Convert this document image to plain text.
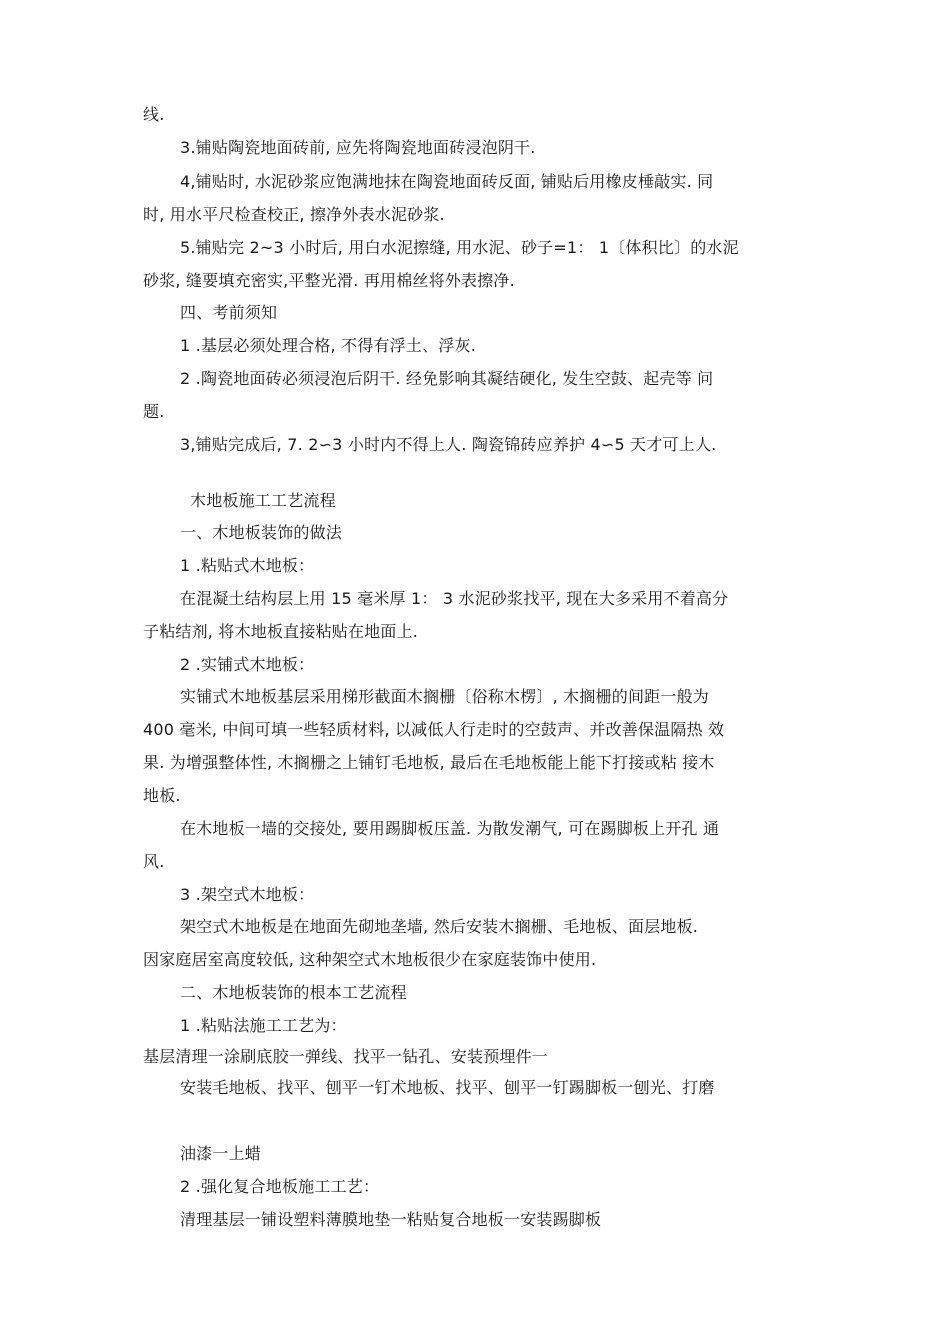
线.
3.铺贴陶瓷地面砖前, 应先将陶瓷地面砖浸泡阴干.
4,铺贴时, 水泥砂浆应饱满地抹在陶瓷地面砖反面, 铺贴后用橡皮棰敲实. 同
时, 用水平尺检查校正, 擦净外表水泥砂浆.
5.铺贴完 2~3 小时后, 用白水泥擦缝, 用水泥、砂子=1： 1〔体积比〕的水泥
砂浆, 缝要填充密实,平整光滑. 再用棉丝将外表擦净.
四、考前须知
1 .基层必须处理合格, 不得有浮土、浮灰.
2 .陶瓷地面砖必须浸泡后阴干. 经免影响其凝结硬化, 发生空鼓、起壳等 问
题.
3,铺贴完成后, 7. 2∽3 小时内不得上人. 陶瓷锦砖应养护 4∽5 天才可上人.
木地板施工工艺流程
一、木地板装饰的做法
1 .粘贴式木地板：
在混凝土结构层上用 15 毫米厚 1： 3 水泥砂浆找平, 现在大多采用不着高分
子粘结剂, 将木地板直接粘贴在地面上.
2 .实铺式木地板：
实铺式木地板基层采用梯形截面木搁栅〔俗称木楞〕, 木搁栅的间距一般为
400 毫米, 中间可填一些轻质材料, 以减低人行走时的空鼓声、并改善保温隔热 效
果. 为增强整体性, 木搁栅之上铺钉毛地板, 最后在毛地板能上能下打接或粘 接木
地板.
在木地板一墙的交接处, 要用踢脚板压盖. 为散发潮气, 可在踢脚板上开孔 通
风.
3 .架空式木地板：
架空式木地板是在地面先砌地垄墙, 然后安装木搁栅、毛地板、面层地板.
因家庭居室高度较低, 这种架空式木地板很少在家庭装饰中使用.
二、木地板装饰的根本工艺流程
1 .粘贴法施工工艺为：
基层清理一涂刷底胶一弹线、找平一钻孔、安装预埋件一
安装毛地板、找平、刨平一钉术地板、找平、刨平一钉踢脚板一刨光、打磨
油漆一上蜡
2 .强化复合地板施工工艺：
清理基层一铺设塑料薄膜地垫一粘贴复合地板一安装踢脚板
